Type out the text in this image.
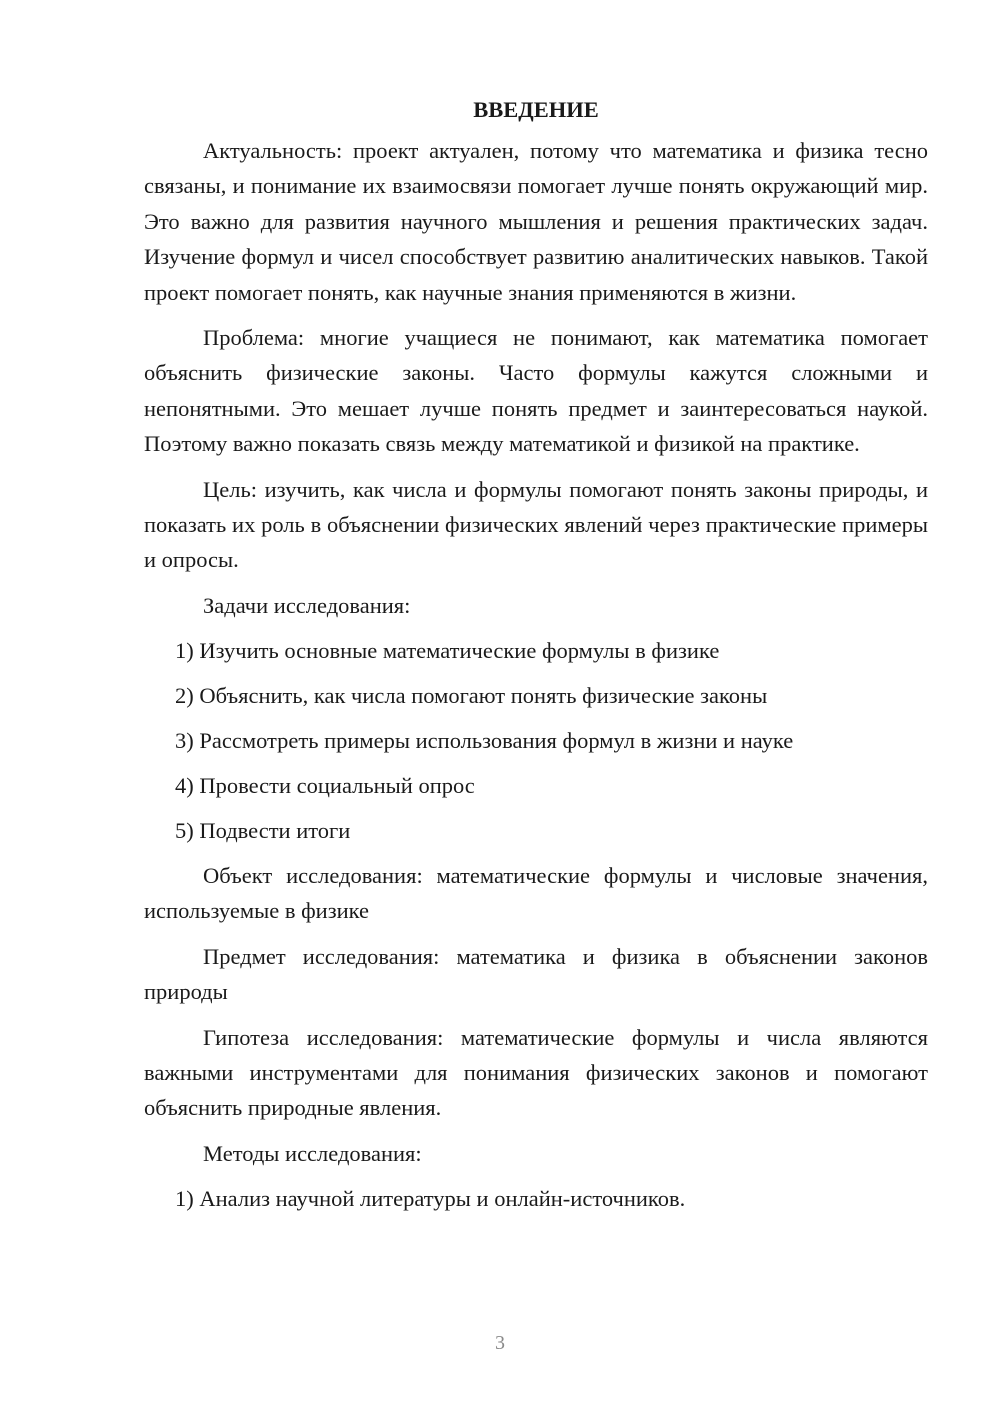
ВВЕДЕНИЕ

Актуальность: проект актуален, потому что математика и физика тесно связаны, и понимание их взаимосвязи помогает лучше понять окружающий мир. Это важно для развития научного мышления и решения практических задач. Изучение формул и чисел способствует развитию аналитических навыков. Такой проект помогает понять, как научные знания применяются в жизни.

Проблема: многие учащиеся не понимают, как математика помогает объяснить физические законы. Часто формулы кажутся сложными и непонятными. Это мешает лучше понять предмет и заинтересоваться наукой. Поэтому важно показать связь между математикой и физикой на практике.

Цель: изучить, как числа и формулы помогают понять законы природы, и показать их роль в объяснении физических явлений через практические примеры и опросы.

Задачи исследования:

1) Изучить основные математические формулы в физике
2) Объяснить, как числа помогают понять физические законы
3) Рассмотреть примеры использования формул в жизни и науке
4) Провести социальный опрос
5) Подвести итоги

Объект исследования: математические формулы и числовые значения, используемые в физике

Предмет исследования: математика и физика в объяснении законов природы

Гипотеза исследования: математические формулы и числа являются важными инструментами для понимания физических законов и помогают объяснить природные явления.

Методы исследования:

1) Анализ научной литературы и онлайн-источников.
3
